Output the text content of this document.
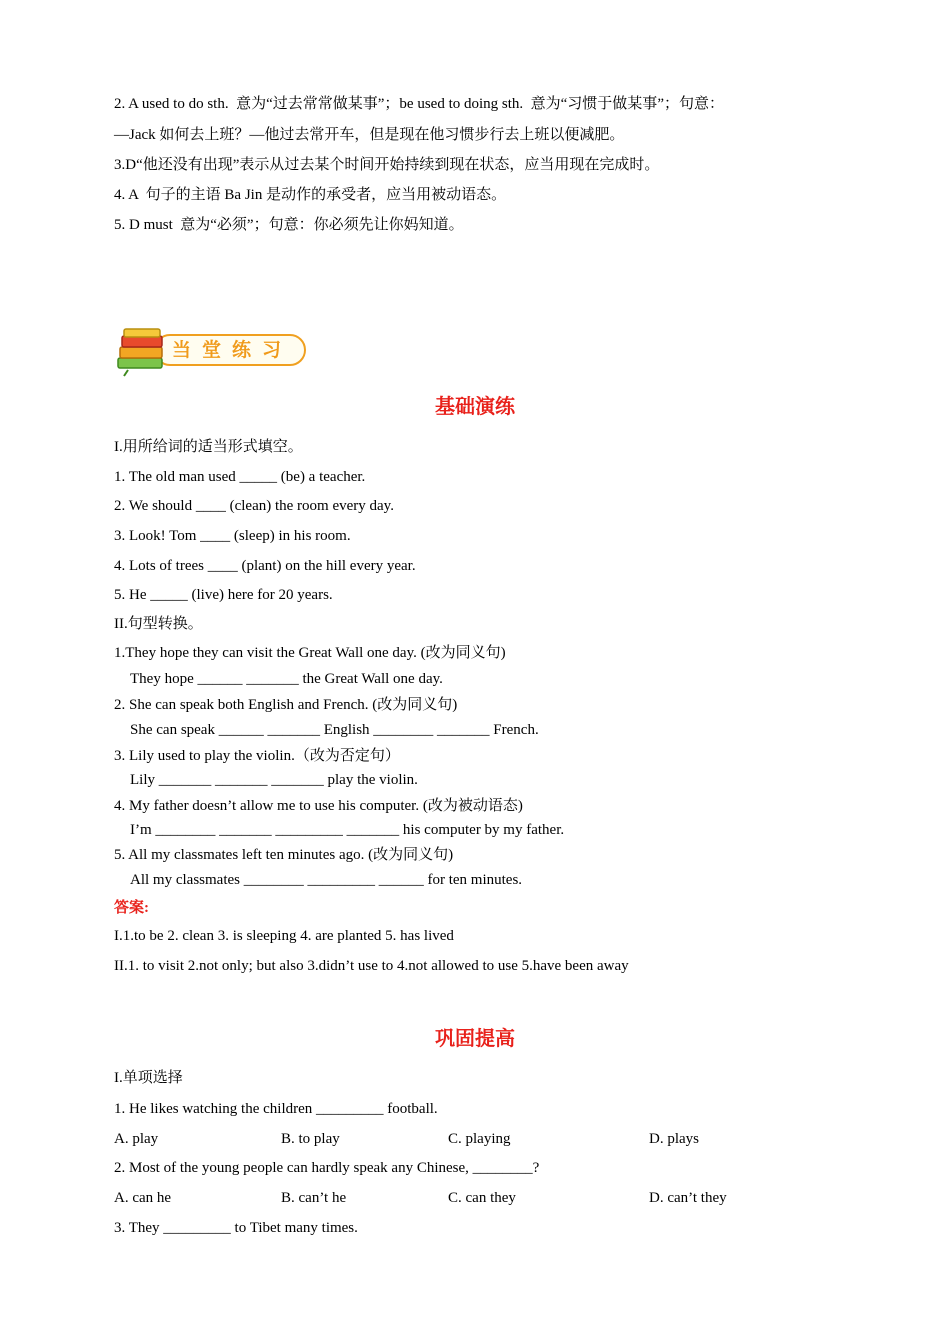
2. A used to do sth.  意为“过去常常做某事”；be used to doing sth.  意为“习惯于做某事”；句意：
—Jack 如何去上班？—他过去常开车，但是现在他习惯步行去上班以便减肥。
3.D“他还没有出现”表示从过去某个时间开始持续到现在状态，应当用现在完成时。
4. A  句子的主语 Ba Jin 是动作的承受者，应当用被动语态。
5. D must  意为“必须”；句意：你必须先让你妈知道。
当堂练习
基础演练
I.用所给词的适当形式填空。
1. The old man used _____ (be) a teacher.
2. We should ____ (clean) the room every day.
3. Look! Tom ____ (sleep) in his room.
4. Lots of trees ____ (plant) on the hill every year.
5. He _____ (live) here for 20 years.
II.句型转换。
1.They hope they can visit the Great Wall one day. (改为同义句)
They hope ______ _______ the Great Wall one day.
2. She can speak both English and French. (改为同义句)
She can speak ______ _______ English ________ _______ French.
3. Lily used to play the violin.（改为否定句）
Lily _______ _______ _______ play the violin.
4. My father doesn’t allow me to use his computer. (改为被动语态)
I’m ________ _______ _________ _______ his computer by my father.
5. All my classmates left ten minutes ago. (改为同义句)
All my classmates ________ _________ ______ for ten minutes.
答案:
I.1.to be 2. clean 3. is sleeping 4. are planted 5. has lived
II.1. to visit 2.not only; but also 3.didn’t use to 4.not allowed to use 5.have been away
巩固提高
I.单项选择
1. He likes watching the children _________ football.
A. play	B. to play	C. playing	D. plays
2. Most of the young people can hardly speak any Chinese, ________?
A. can he	B. can’t he	C. can they	D. can’t they
3. They _________ to Tibet many times.
